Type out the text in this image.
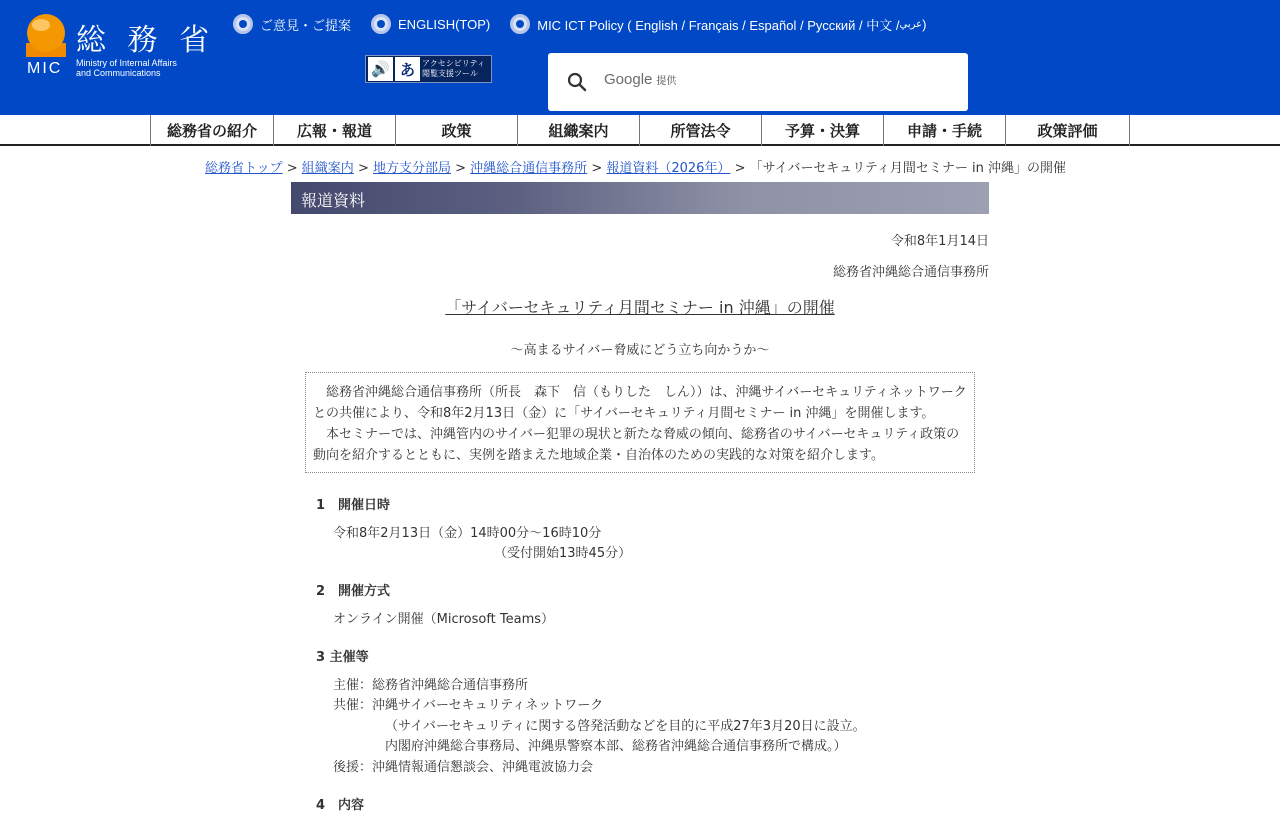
総 務 省
MIC Ministry of Internal Affairs
and Communications
ご意見・ご提案	ENGLISH(TOP)	MIC ICT Policy ( English / Français / Español / Русский / 中文 / عربي )
🔊 あ アクセシビリティ
閲覧支援ツール	Google 提供
総務省の紹介	広報・報道	政策	組織案内	所管法令	予算・決算	申請・手続	政策評価
総務省トップ > 組織案内 > 地方支分部局 > 沖縄総合通信事務所 > 報道資料（2026年） > 「サイバーセキュリティ月間セミナー in 沖縄」の開催
報道資料
令和8年1月14日
総務省沖縄総合通信事務所
「サイバーセキュリティ月間セミナー in 沖縄」の開催
～高まるサイバー脅威にどう立ち向かうか～
　総務省沖縄総合通信事務所（所長　森下　信（もりした　しん））は、沖縄サイバーセキュリティネットワークとの共催により、令和8年2月13日（金）に「サイバーセキュリティ月間セミナー in 沖縄」を開催します。
　本セミナーでは、沖縄管内のサイバー犯罪の現状と新たな脅威の傾向、総務省のサイバーセキュリティ政策の動向を紹介するとともに、実例を踏まえた地域企業・自治体のための実践的な対策を紹介します。
1　開催日時
令和8年2月13日（金）14時00分～16時10分
（受付開始13時45分）
2　開催方式
オンライン開催（Microsoft Teams）
3 主催等
主催：総務省沖縄総合通信事務所
共催：沖縄サイバーセキュリティネットワーク
（サイバーセキュリティに関する啓発活動などを目的に平成27年3月20日に設立。
内閣府沖縄総合事務局、沖縄県警察本部、総務省沖縄総合通信事務所で構成。）
後援：沖縄情報通信懇談会、沖縄電波協力会
4　内容
